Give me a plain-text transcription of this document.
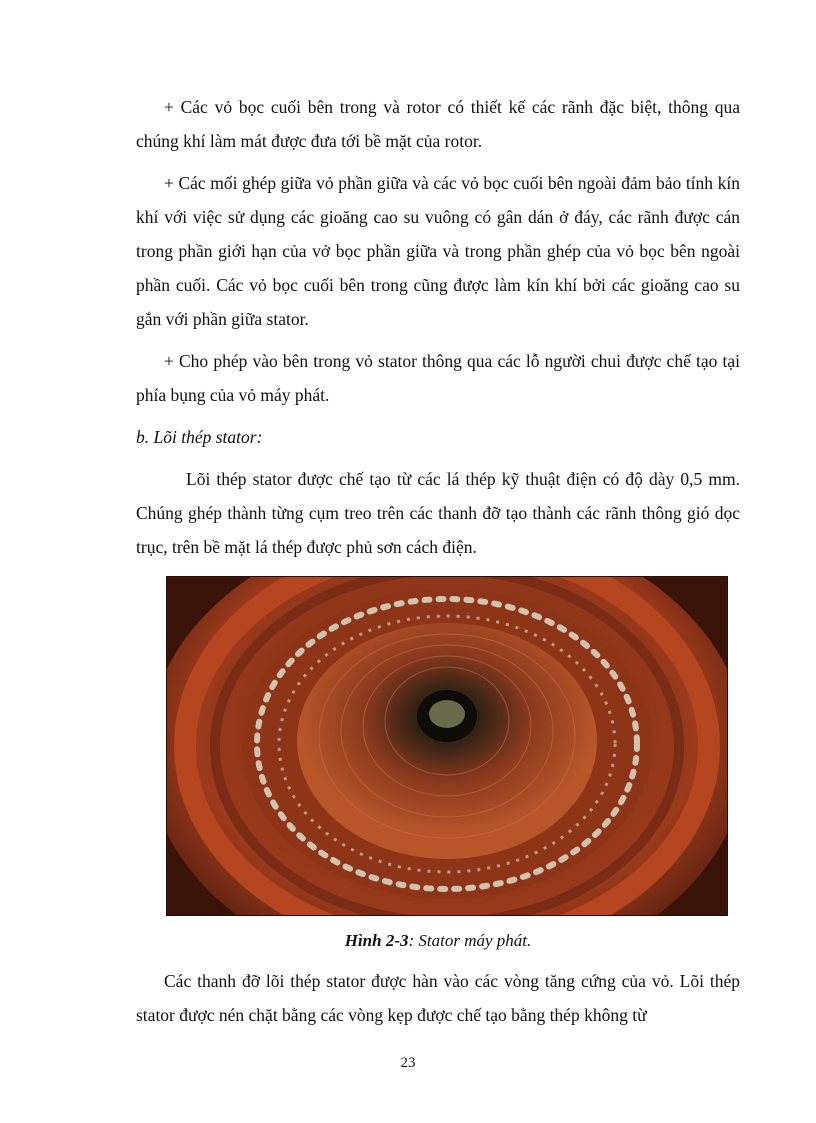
+ Các vỏ bọc cuối bên trong và rotor có thiết kế các rãnh đặc biệt, thông qua chúng khí làm mát được đưa tới bề mặt của rotor.

+ Các mối ghép giữa vỏ phần giữa và các vỏ bọc cuối bên ngoài đảm bảo tính kín khí với việc sử dụng các gioăng cao su vuông có gân dán ở đáy, các rãnh được cán trong phần giới hạn của vở bọc phần giữa và trong phần ghép của vỏ bọc bên ngoài phần cuối. Các vỏ bọc cuối bên trong cũng được làm kín khí bởi các gioăng cao su gắn với phần giữa stator.

+ Cho phép vào bên trong vỏ stator thông qua các lỗ người chui được chế tạo tại phía bụng của vỏ máy phát.

b. Lõi thép stator:

Lõi thép stator được chế tạo từ các lá thép kỹ thuật điện có độ dày 0,5 mm. Chúng ghép thành từng cụm treo trên các thanh đỡ tạo thành các rãnh thông gió dọc trục, trên bề mặt lá thép được phủ sơn cách điện.

Hình 2-3: Stator máy phát.

Các thanh đỡ lõi thép stator được hàn vào các vòng tăng cứng của vỏ. Lõi thép stator được nén chặt bằng các vòng kẹp được chế tạo bằng thép không từ

23
